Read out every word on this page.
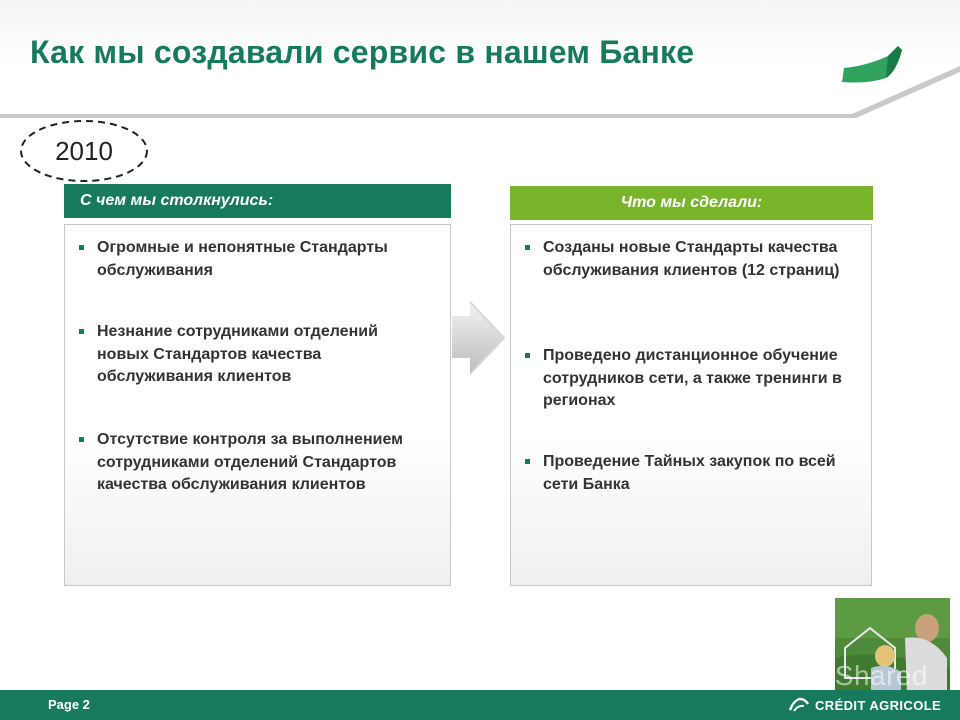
Как мы создавали сервис в нашем Банке
2010
С чем мы столкнулись:
Огромные и непонятные Стандарты обслуживания
Незнание сотрудниками отделений новых Стандартов качества обслуживания клиентов
Отсутствие контроля за выполнением сотрудниками отделений Стандартов качества обслуживания клиентов
Что мы сделали:
Созданы новые Стандарты качества обслуживания клиентов (12 страниц)
Проведено дистанционное обучение сотрудников сети, а также тренинги в регионах
Проведение Тайных закупок по всей сети Банка
SlideShared
Page 2	CRÉDIT AGRICOLE
